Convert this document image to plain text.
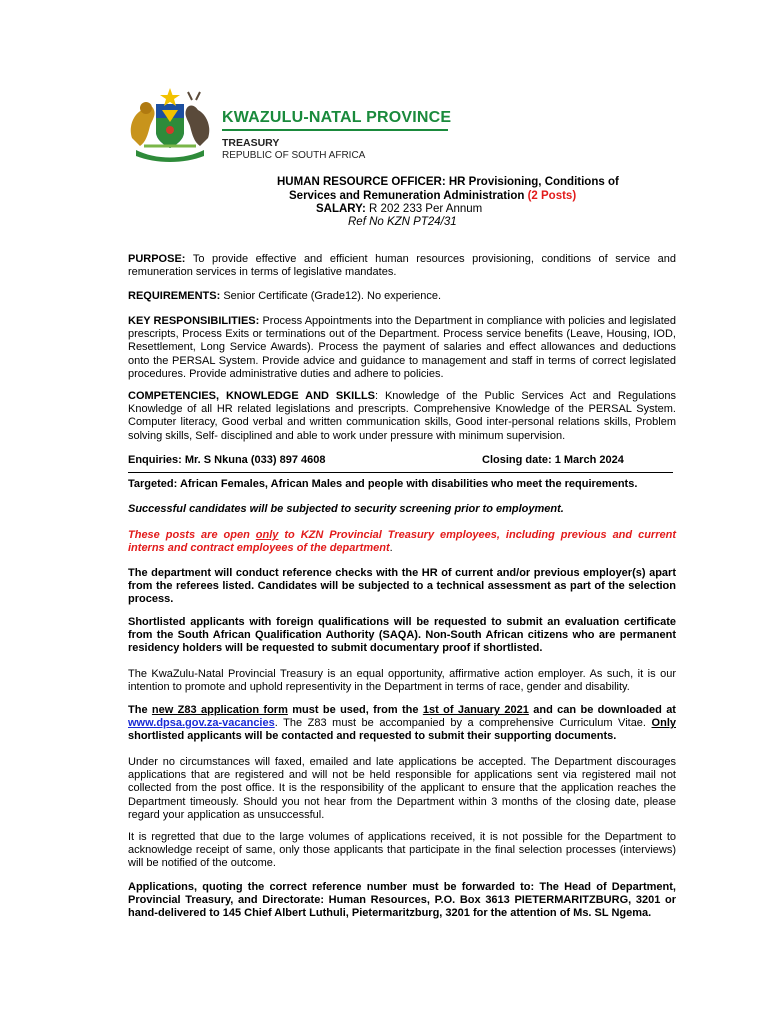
KWAZULU-NATAL PROVINCE
TREASURY
REPUBLIC OF SOUTH AFRICA
HUMAN RESOURCE OFFICER: HR Provisioning, Conditions of
Services and Remuneration Administration (2 Posts)
SALARY: R 202 233 Per Annum
Ref No KZN PT24/31
PURPOSE: To provide effective and efficient human resources provisioning, conditions of service and remuneration services in terms of legislative mandates.
REQUIREMENTS: Senior Certificate (Grade12). No experience.
KEY RESPONSIBILITIES: Process Appointments into the Department in compliance with policies and legislated prescripts, Process Exits or terminations out of the Department. Process service benefits (Leave, Housing, IOD, Resettlement, Long Service Awards). Process the payment of salaries and effect allowances and deductions onto the PERSAL System. Provide advice and guidance to management and staff in terms of correct legislated procedures. Provide administrative duties and adhere to policies.
COMPETENCIES, KNOWLEDGE AND SKILLS: Knowledge of the Public Services Act and Regulations Knowledge of all HR related legislations and prescripts. Comprehensive Knowledge of the PERSAL System. Computer literacy, Good verbal and written communication skills, Good inter-personal relations skills, Problem solving skills, Self- disciplined and able to work under pressure with minimum supervision.
Enquiries: Mr. S Nkuna (033) 897 4608	Closing date: 1 March 2024
Targeted: African Females, African Males and people with disabilities who meet the requirements.
Successful candidates will be subjected to security screening prior to employment.
These posts are open only to KZN Provincial Treasury employees, including previous and current interns and contract employees of the department.
The department will conduct reference checks with the HR of current and/or previous employer(s) apart from the referees listed. Candidates will be subjected to a technical assessment as part of the selection process.
Shortlisted applicants with foreign qualifications will be requested to submit an evaluation certificate from the South African Qualification Authority (SAQA). Non-South African citizens who are permanent residency holders will be requested to submit documentary proof if shortlisted.
The KwaZulu-Natal Provincial Treasury is an equal opportunity, affirmative action employer. As such, it is our intention to promote and uphold representivity in the Department in terms of race, gender and disability.
The new Z83 application form must be used, from the 1st of January 2021 and can be downloaded at www.dpsa.gov.za-vacancies. The Z83 must be accompanied by a comprehensive Curriculum Vitae. Only shortlisted applicants will be contacted and requested to submit their supporting documents.
Under no circumstances will faxed, emailed and late applications be accepted. The Department discourages applications that are registered and will not be held responsible for applications sent via registered mail not collected from the post office. It is the responsibility of the applicant to ensure that the application reaches the Department timeously. Should you not hear from the Department within 3 months of the closing date, please regard your application as unsuccessful.
It is regretted that due to the large volumes of applications received, it is not possible for the Department to acknowledge receipt of same, only those applicants that participate in the final selection processes (interviews) will be notified of the outcome.
Applications, quoting the correct reference number must be forwarded to: The Head of Department, Provincial Treasury, and Directorate: Human Resources, P.O. Box 3613 PIETERMARITZBURG, 3201 or hand-delivered to 145 Chief Albert Luthuli, Pietermaritzburg, 3201 for the attention of Ms. SL Ngema.
